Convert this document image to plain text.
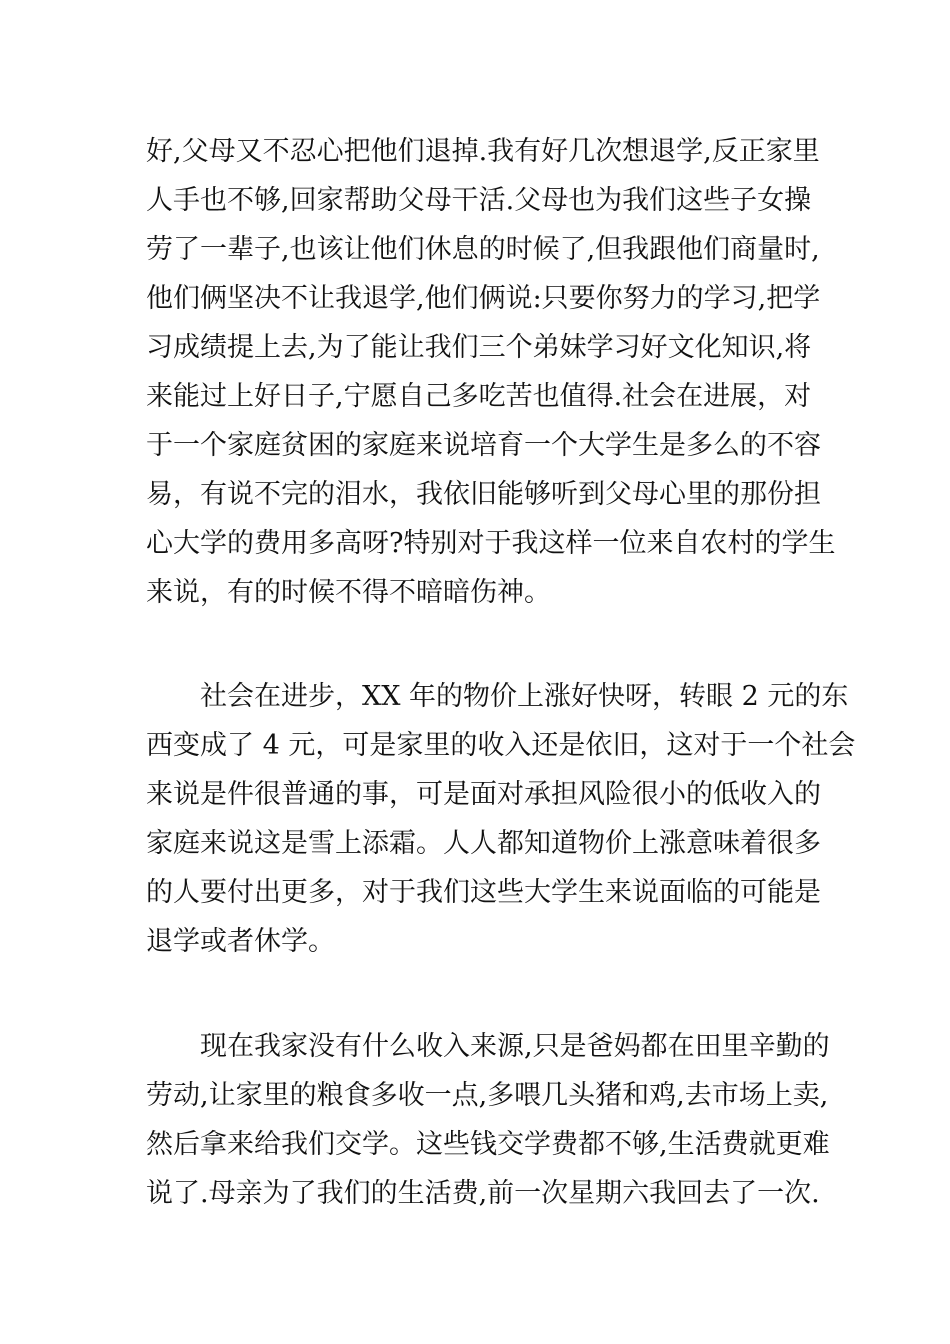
好,父母又不忍心把他们退掉.我有好几次想退学,反正家里
人手也不够,回家帮助父母干活.父母也为我们这些子女操
劳了一辈子,也该让他们休息的时候了,但我跟他们商量时,
他们俩坚决不让我退学,他们俩说:只要你努力的学习,把学
习成绩提上去,为了能让我们三个弟妹学习好文化知识,将
来能过上好日子,宁愿自己多吃苦也值得.社会在进展，对
于一个家庭贫困的家庭来说培育一个大学生是多么的不容
易，有说不完的泪水，我依旧能够听到父母心里的那份担
心大学的费用多高呀?特别对于我这样一位来自农村的学生
来说，有的时候不得不暗暗伤神。
　　社会在进步，XX 年的物价上涨好快呀，转眼 2 元的东
西变成了 4 元，可是家里的收入还是依旧，这对于一个社会
来说是件很普通的事，可是面对承担风险很小的低收入的
家庭来说这是雪上添霜。人人都知道物价上涨意味着很多
的人要付出更多，对于我们这些大学生来说面临的可能是
退学或者休学。
　　现在我家没有什么收入来源,只是爸妈都在田里辛勤的
劳动,让家里的粮食多收一点,多喂几头猪和鸡,去市场上卖,
然后拿来给我们交学。这些钱交学费都不够,生活费就更难
说了.母亲为了我们的生活费,前一次星期六我回去了一次.
